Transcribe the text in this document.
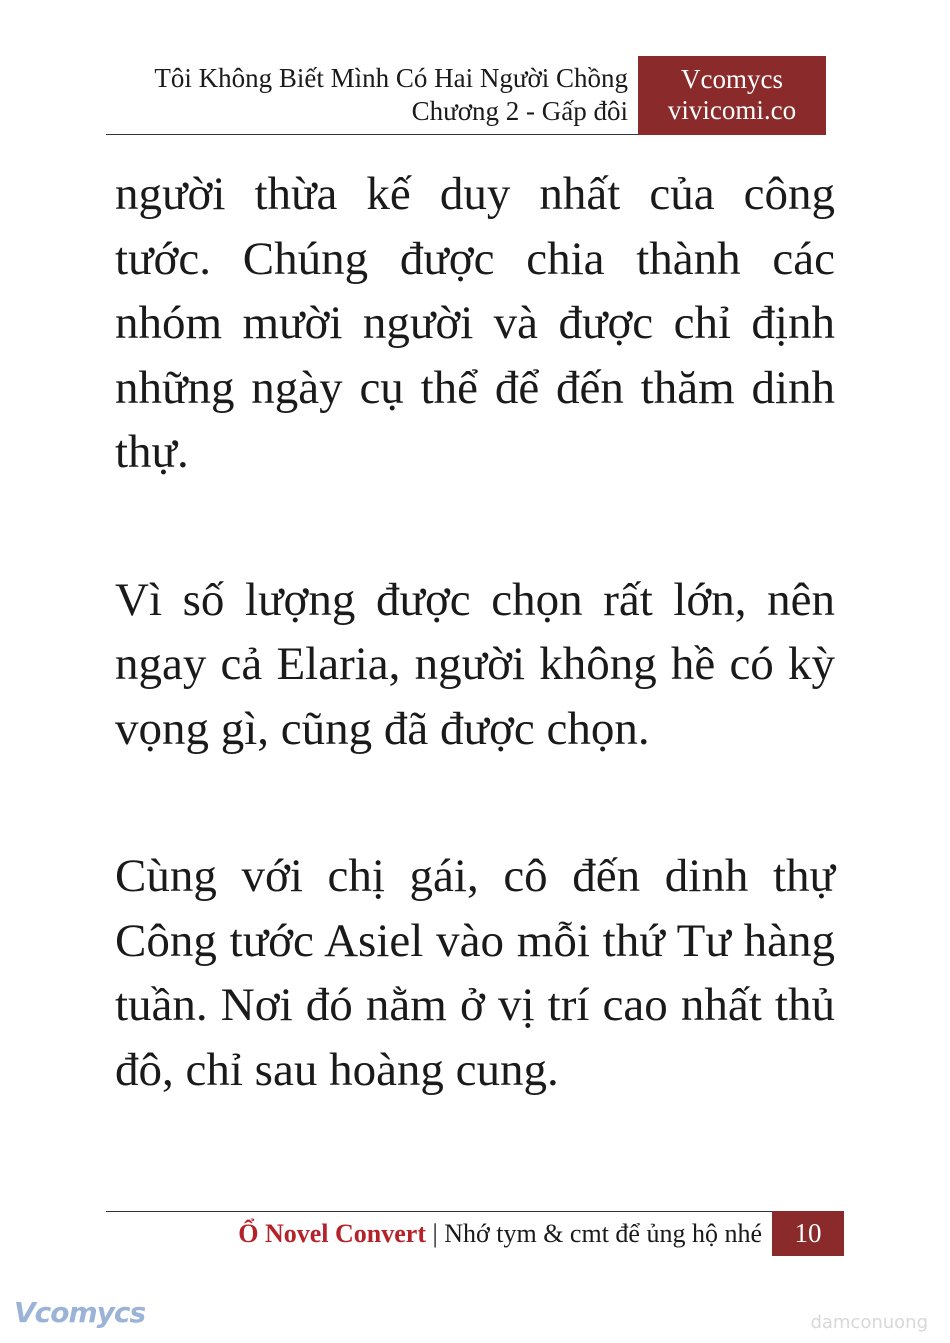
Tôi Không Biết Mình Có Hai Người Chồng
Chương 2 - Gấp đôi
Vcomycs
vivicomi.co

người thừa kế duy nhất của công tước. Chúng được chia thành các nhóm mười người và được chỉ định những ngày cụ thể để đến thăm dinh thự.

Vì số lượng được chọn rất lớn, nên ngay cả Elaria, người không hề có kỳ vọng gì, cũng đã được chọn.

Cùng với chị gái, cô đến dinh thự Công tước Asiel vào mỗi thứ Tư hàng tuần. Nơi đó nằm ở vị trí cao nhất thủ đô, chỉ sau hoàng cung.

Ổ Novel Convert | Nhớ tym & cmt để ủng hộ nhé	10
Vcomycs	damconuong
